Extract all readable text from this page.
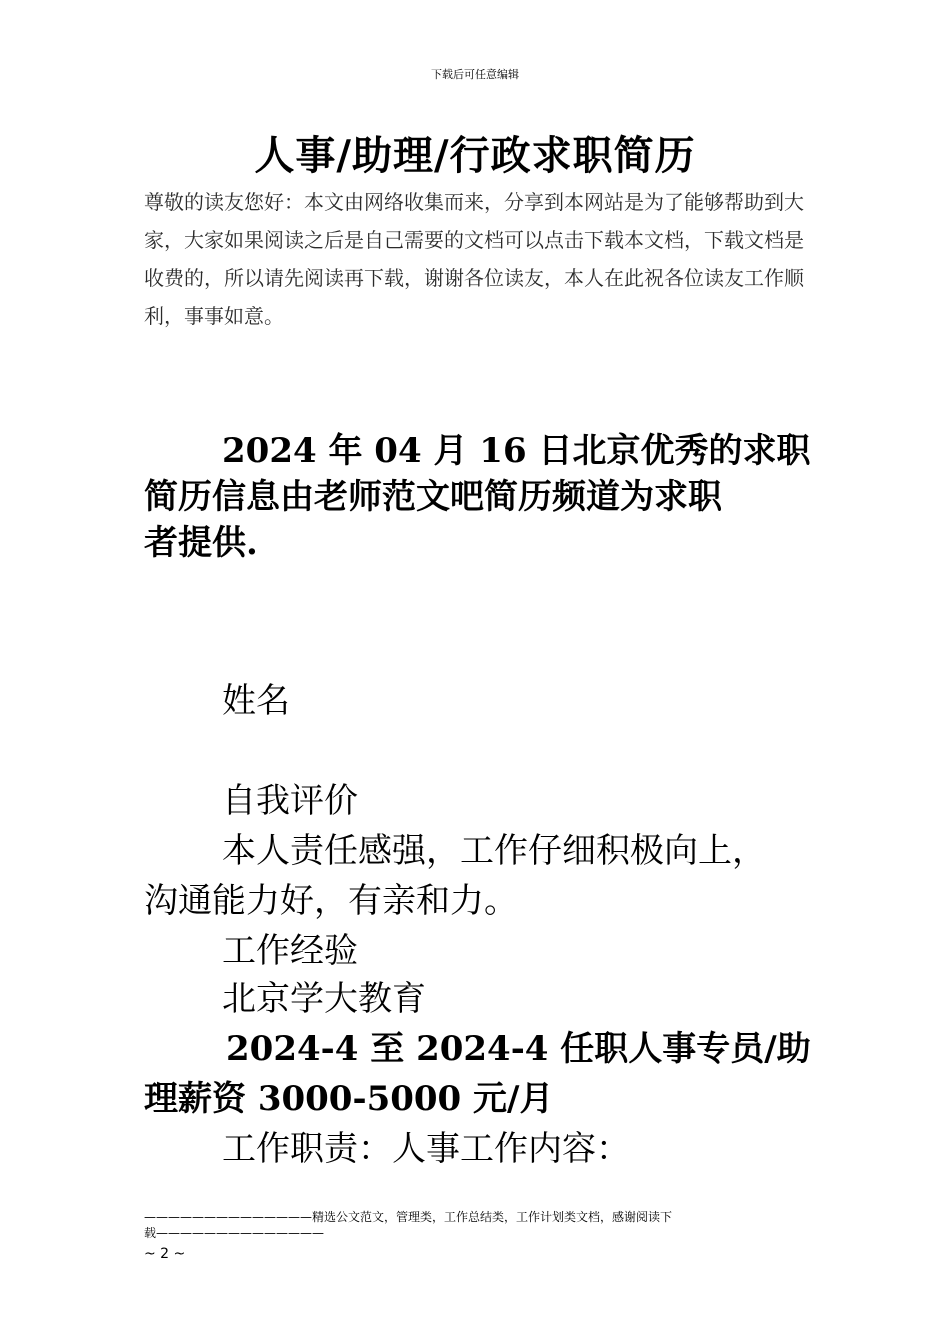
下载后可任意编辑
人事/助理/行政求职简历
尊敬的读友您好：本文由网络收集而来，分享到本网站是为了能够帮助到大
家，大家如果阅读之后是自己需要的文档可以点击下载本文档，下载文档是
收费的，所以请先阅读再下载，谢谢各位读友，本人在此祝各位读友工作顺
利，事事如意。
2024 年 04 月 16 日北京优秀的求职
简历信息由老师范文吧简历频道为求职
者提供.
姓名
自我评价
本人责任感强，工作仔细积极向上，
沟通能力好，有亲和力。
工作经验
北京学大教育
2024-4 至 2024-4 任职人事专员/助
理薪资 3000-5000 元/月
工作职责：人事工作内容：
——————————————精选公文范文，管理类，工作总结类，工作计划类文档，感谢阅读下
载——————————————
~ 2 ~
